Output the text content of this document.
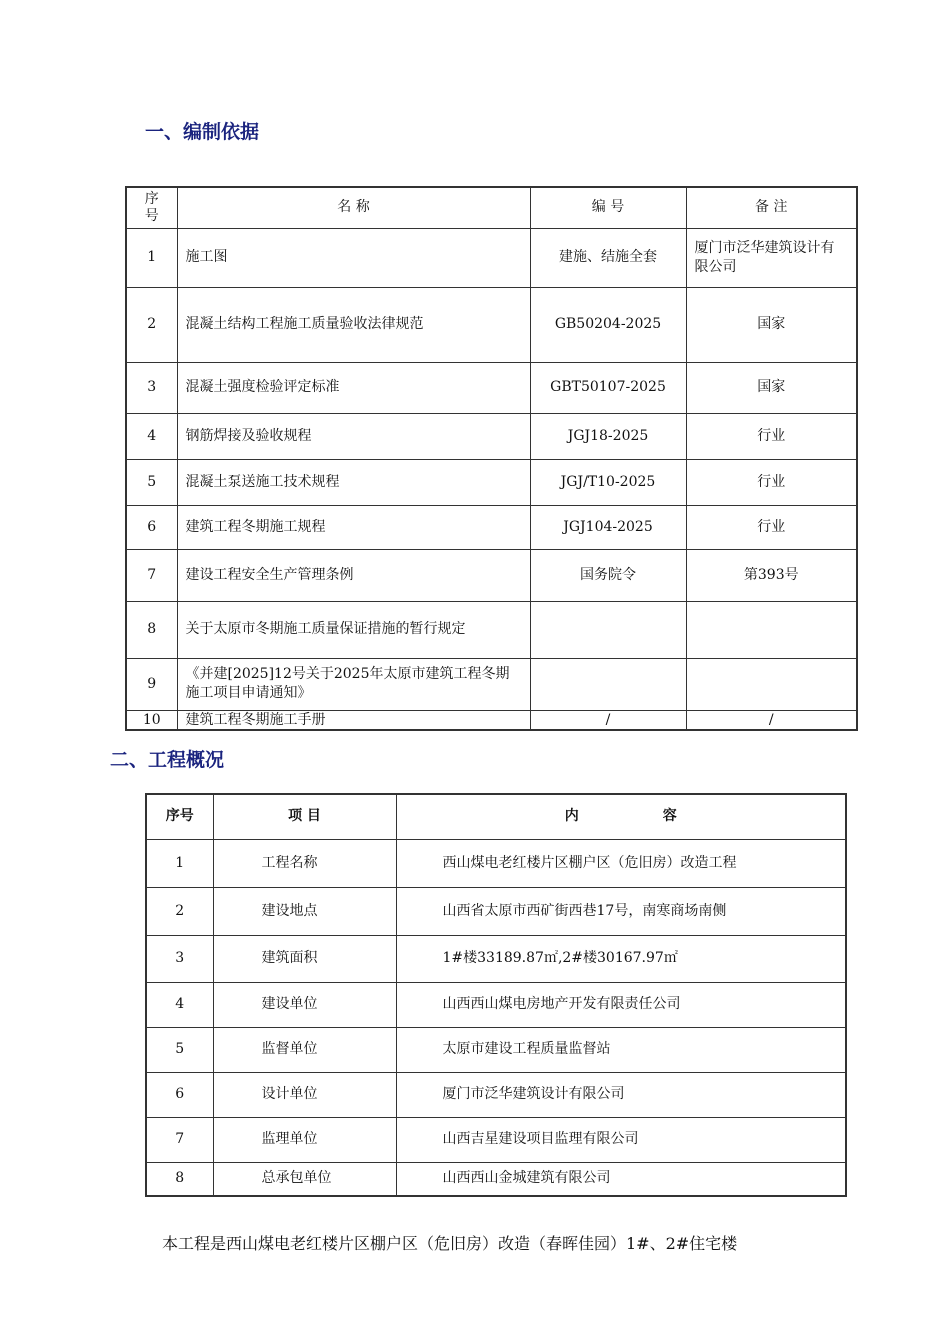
一、编制依据
序
号	名 称	编 号	备 注
1	施工图	建施、结施全套	厦门市泛华建筑设计有限公司
2	混凝土结构工程施工质量验收法律规范	GB50204-2025	国家
3	混凝土强度检验评定标准	GBT50107-2025	国家
4	钢筋焊接及验收规程	JGJ18-2025	行业
5	混凝土泵送施工技术规程	JGJ/T10-2025	行业
6	建筑工程冬期施工规程	JGJ104-2025	行业
7	建设工程安全生产管理条例	国务院令	第393号
8	关于太原市冬期施工质量保证措施的暂行规定		
9	《并建[2025]12号关于2025年太原市建筑工程冬期施工项目申请通知》		
10	建筑工程冬期施工手册	/	/
二、工程概况
序号	项 目	内　　　　　　容
1	工程名称	西山煤电老红楼片区棚户区（危旧房）改造工程
2	建设地点	山西省太原市西矿街西巷17号，南寒商场南侧
3	建筑面积	1#楼33189.87㎡,2#楼30167.97㎡
4	建设单位	山西西山煤电房地产开发有限责任公司
5	监督单位	太原市建设工程质量监督站
6	设计单位	厦门市泛华建筑设计有限公司
7	监理单位	山西吉星建设项目监理有限公司
8	总承包单位	山西西山金城建筑有限公司

本工程是西山煤电老红楼片区棚户区（危旧房）改造（春晖佳园）1#、2#住宅楼
